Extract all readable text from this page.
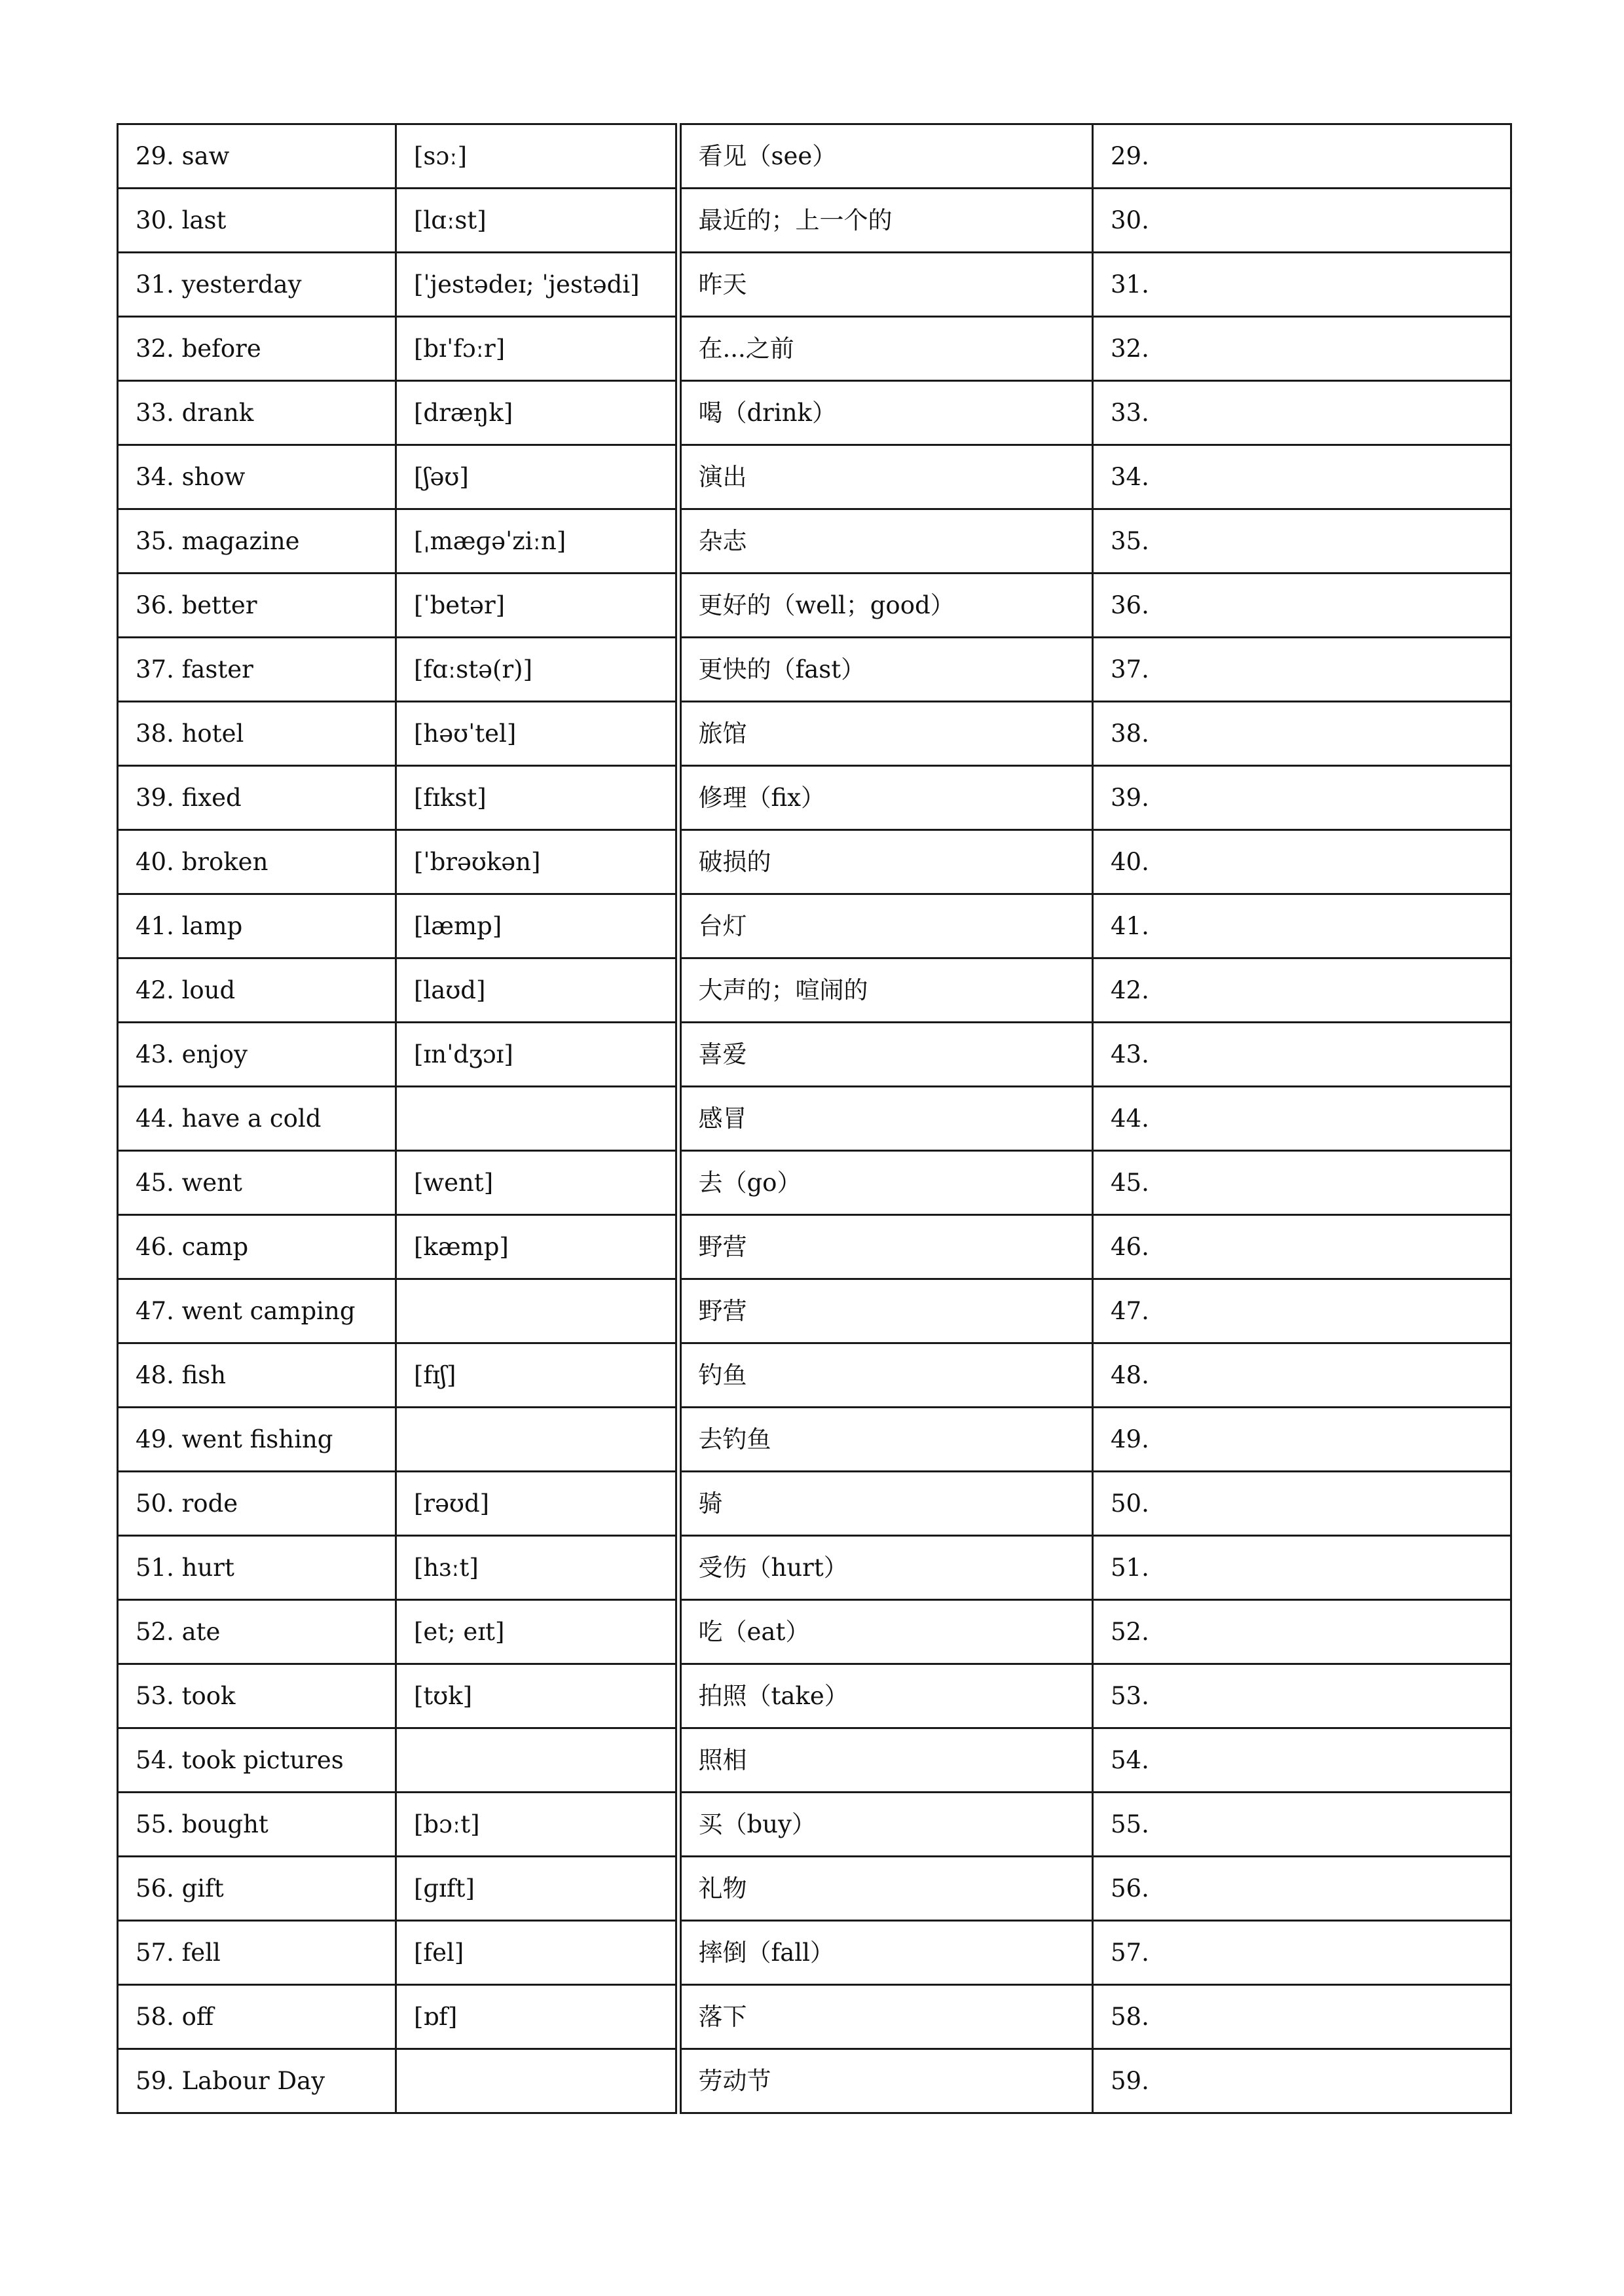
29. saw	[sɔː]	看见（see）	29.
30. last	[lɑːst]	最近的；上一个的	30.
31. yesterday	[ˈjestədeɪ; ˈjestədi]	昨天	31.
32. before	[bɪˈfɔːr]	在...之前	32.
33. drank	[dræŋk]	喝（drink）	33.
34. show	[ʃəʊ]	演出	34.
35. magazine	[ˌmæɡəˈziːn]	杂志	35.
36. better	[ˈbetər]	更好的（well；good）	36.
37. faster	[fɑːstə(r)]	更快的（fast）	37.
38. hotel	[həʊˈtel]	旅馆	38.
39. fixed	[fɪkst]	修理（fix）	39.
40. broken	[ˈbrəʊkən]	破损的	40.
41. lamp	[læmp]	台灯	41.
42. loud	[laʊd]	大声的；喧闹的	42.
43. enjoy	[ɪnˈdʒɔɪ]	喜爱	43.
44. have a cold		感冒	44.
45. went	[went]	去（go）	45.
46. camp	[kæmp]	野营	46.
47. went camping		野营	47.
48. fish	[fɪʃ]	钓鱼	48.
49. went fishing		去钓鱼	49.
50. rode	[rəʊd]	骑	50.
51. hurt	[hɜːt]	受伤（hurt）	51.
52. ate	[et; eɪt]	吃（eat）	52.
53. took	[tʊk]	拍照（take）	53.
54. took pictures		照相	54.
55. bought	[bɔːt]	买（buy）	55.
56. gift	[ɡɪft]	礼物	56.
57. fell	[fel]	摔倒（fall）	57.
58. off	[ɒf]	落下	58.
59. Labour Day		劳动节	59.
